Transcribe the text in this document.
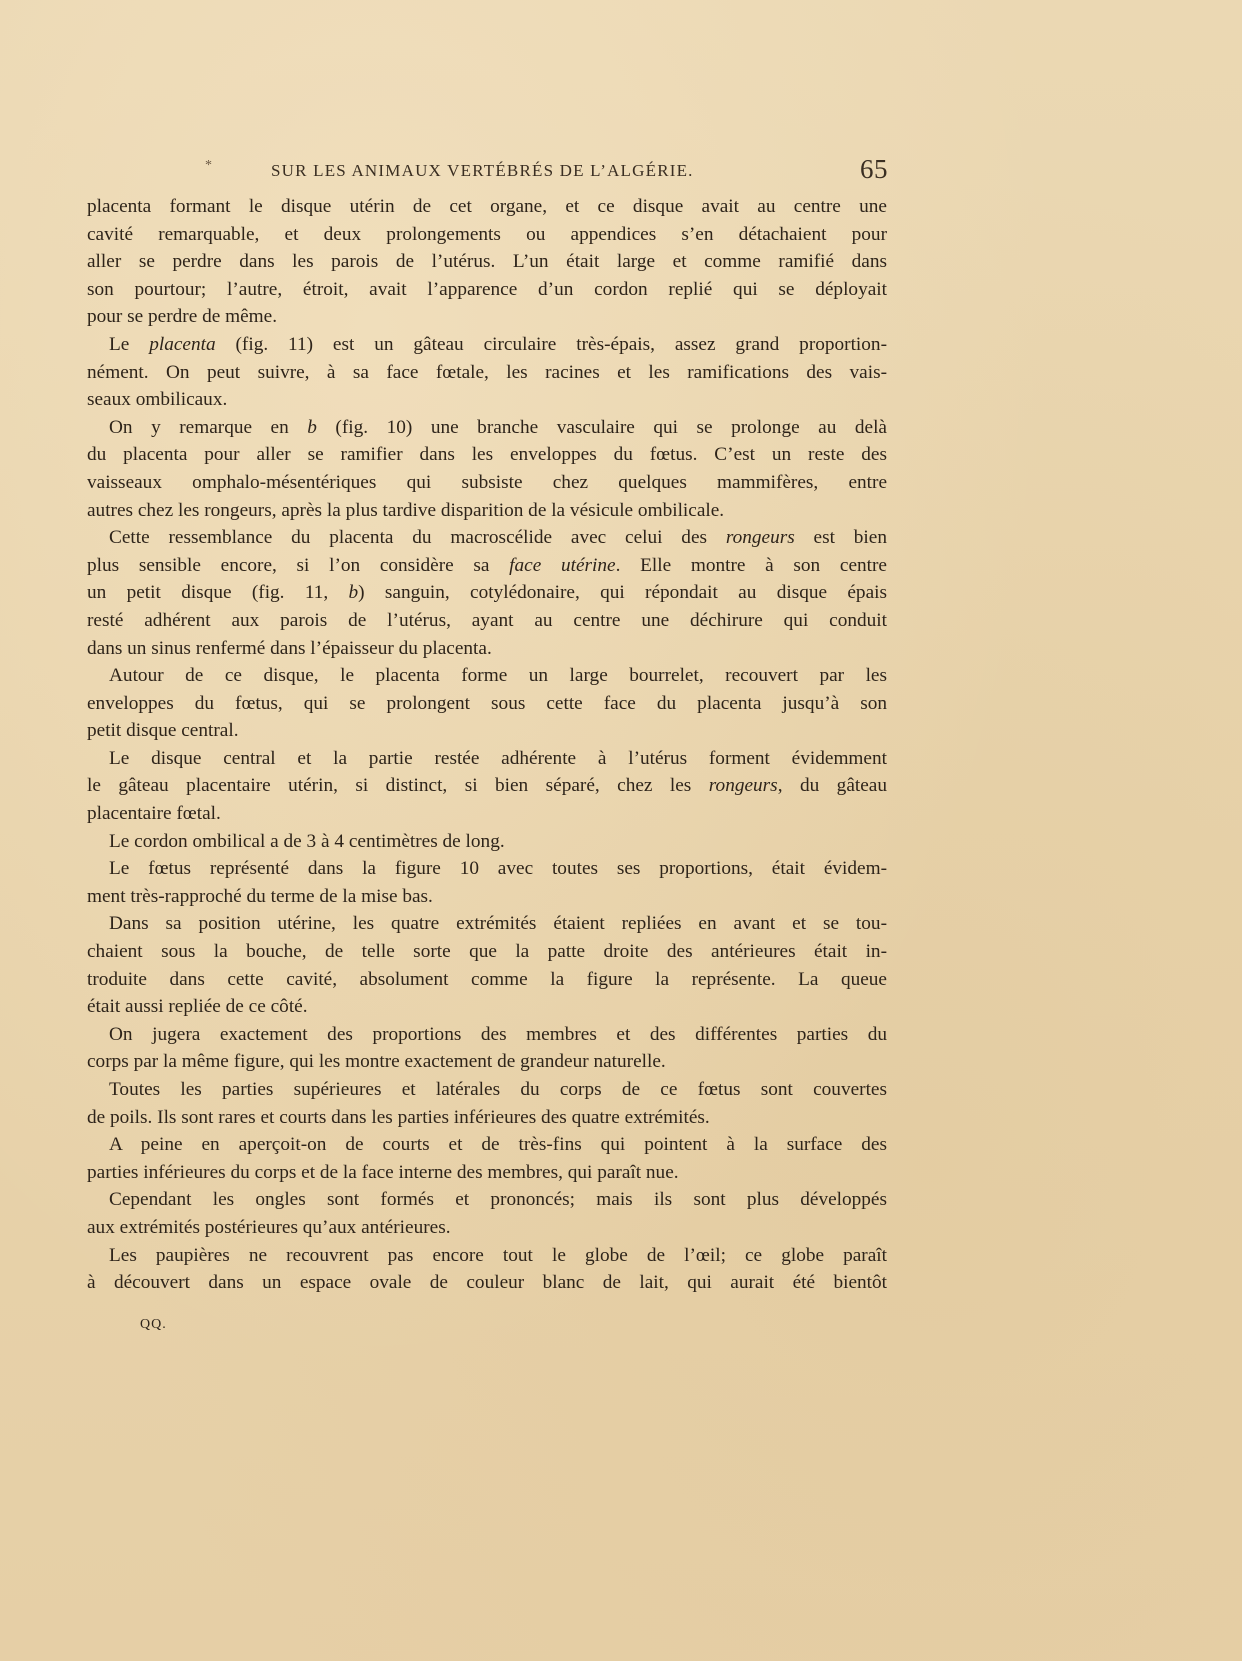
*	SUR LES ANIMAUX VERTÉBRÉS DE L’ALGÉRIE.	65
placenta formant le disque utérin de cet organe, et ce disque avait au centre une
cavité remarquable, et deux prolongements ou appendices s’en détachaient pour
aller se perdre dans les parois de l’utérus. L’un était large et comme ramifié dans
son pourtour; l’autre, étroit, avait l’apparence d’un cordon replié qui se déployait
pour se perdre de même.
Le placenta (fig. 11) est un gâteau circulaire très-épais, assez grand proportion-
nément. On peut suivre, à sa face fœtale, les racines et les ramifications des vais-
seaux ombilicaux.
On y remarque en b (fig. 10) une branche vasculaire qui se prolonge au delà
du placenta pour aller se ramifier dans les enveloppes du fœtus. C’est un reste des
vaisseaux omphalo-mésentériques qui subsiste chez quelques mammifères, entre
autres chez les rongeurs, après la plus tardive disparition de la vésicule ombilicale.
Cette ressemblance du placenta du macroscélide avec celui des rongeurs est bien
plus sensible encore, si l’on considère sa face utérine. Elle montre à son centre
un petit disque (fig. 11, b) sanguin, cotylédonaire, qui répondait au disque épais
resté adhérent aux parois de l’utérus, ayant au centre une déchirure qui conduit
dans un sinus renfermé dans l’épaisseur du placenta.
Autour de ce disque, le placenta forme un large bourrelet, recouvert par les
enveloppes du fœtus, qui se prolongent sous cette face du placenta jusqu’à son
petit disque central.
Le disque central et la partie restée adhérente à l’utérus forment évidemment
le gâteau placentaire utérin, si distinct, si bien séparé, chez les rongeurs, du gâteau
placentaire fœtal.
Le cordon ombilical a de 3 à 4 centimètres de long.
Le fœtus représenté dans la figure 10 avec toutes ses proportions, était évidem-
ment très-rapproché du terme de la mise bas.
Dans sa position utérine, les quatre extrémités étaient repliées en avant et se tou-
chaient sous la bouche, de telle sorte que la patte droite des antérieures était in-
troduite dans cette cavité, absolument comme la figure la représente. La queue
était aussi repliée de ce côté.
On jugera exactement des proportions des membres et des différentes parties du
corps par la même figure, qui les montre exactement de grandeur naturelle.
Toutes les parties supérieures et latérales du corps de ce fœtus sont couvertes
de poils. Ils sont rares et courts dans les parties inférieures des quatre extrémités.
A peine en aperçoit-on de courts et de très-fins qui pointent à la surface des
parties inférieures du corps et de la face interne des membres, qui paraît nue.
Cependant les ongles sont formés et prononcés; mais ils sont plus développés
aux extrémités postérieures qu’aux antérieures.
Les paupières ne recouvrent pas encore tout le globe de l’œil; ce globe paraît
à découvert dans un espace ovale de couleur blanc de lait, qui aurait été bientôt
QQ.
